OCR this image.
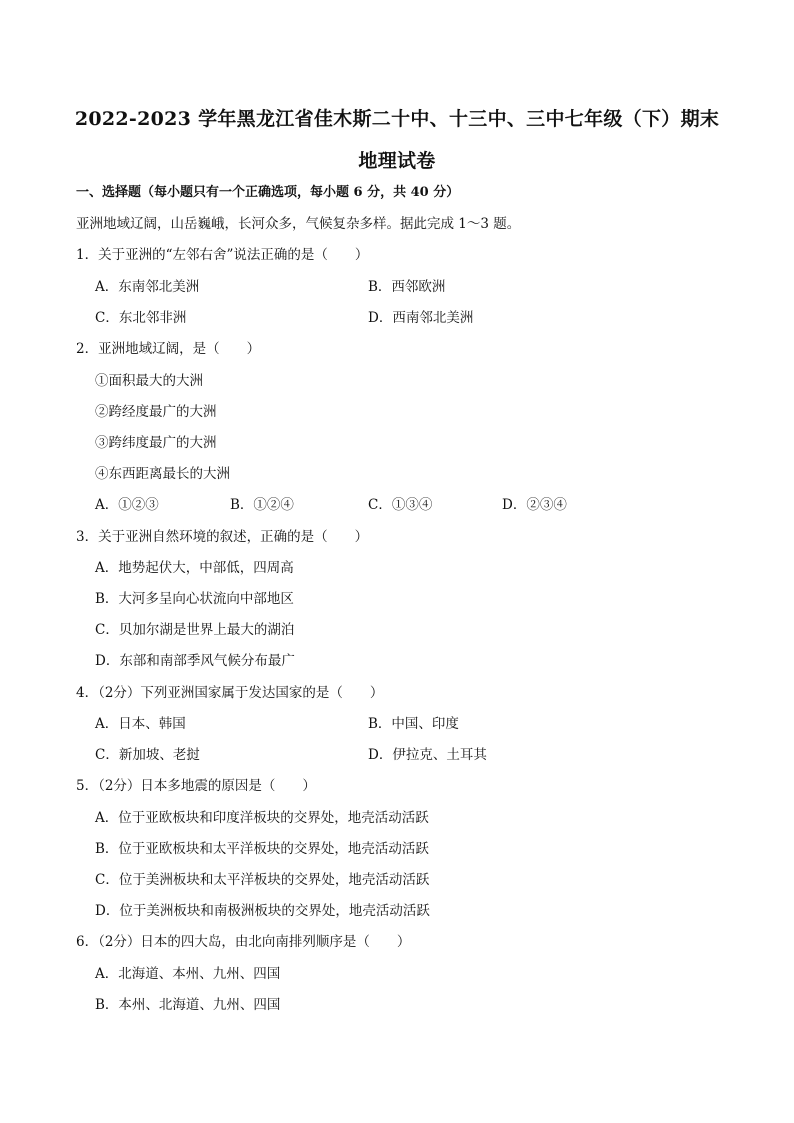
2022-2023 学年黑龙江省佳木斯二十中、十三中、三中七年级（下）期末
地理试卷
一、选择题（每小题只有一个正确选项，每小题 6 分，共 40 分）
亚洲地域辽阔，山岳巍峨，长河众多，气候复杂多样。据此完成 1～3 题。
1．关于亚洲的“左邻右舍”说法正确的是（　　）
A．东南邻北美洲	B．西邻欧洲
C．东北邻非洲	D．西南邻北美洲
2．亚洲地域辽阔，是（　　）
①面积最大的大洲
②跨经度最广的大洲
③跨纬度最广的大洲
④东西距离最长的大洲
A．①②③	B．①②④	C．①③④	D．②③④
3．关于亚洲自然环境的叙述，正确的是（　　）
A．地势起伏大，中部低，四周高
B．大河多呈向心状流向中部地区
C．贝加尔湖是世界上最大的湖泊
D．东部和南部季风气候分布最广
4．（2分）下列亚洲国家属于发达国家的是（　　）
A．日本、韩国	B．中国、印度
C．新加坡、老挝	D．伊拉克、土耳其
5．（2分）日本多地震的原因是（　　）
A．位于亚欧板块和印度洋板块的交界处，地壳活动活跃
B．位于亚欧板块和太平洋板块的交界处，地壳活动活跃
C．位于美洲板块和太平洋板块的交界处，地壳活动活跃
D．位于美洲板块和南极洲板块的交界处，地壳活动活跃
6．（2分）日本的四大岛，由北向南排列顺序是（　　）
A．北海道、本州、九州、四国
B．本州、北海道、九州、四国
